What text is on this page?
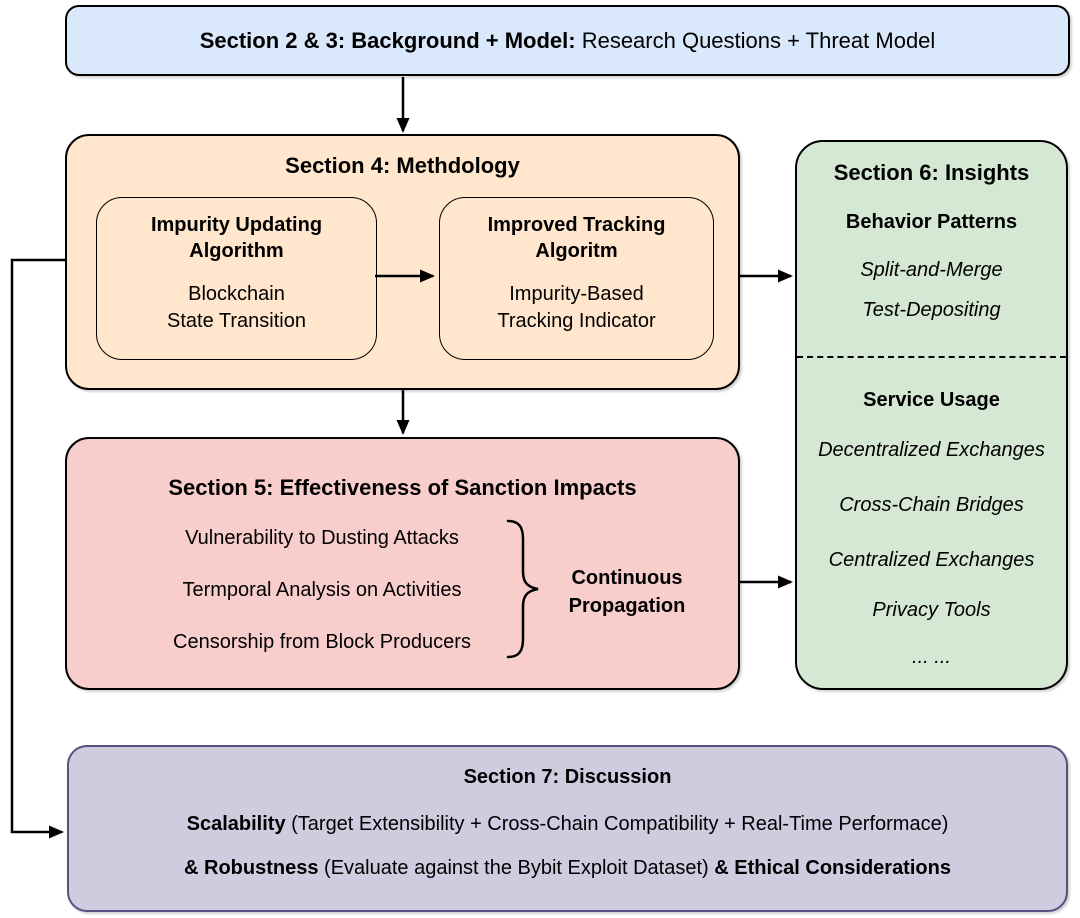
Section 2 & 3: Background + Model: Research Questions + Threat Model
Section 4: Methdology
Impurity Updating
Algorithm
Blockchain
State Transition
Improved Tracking
Algoritm
Impurity-Based
Tracking Indicator
Section 5: Effectiveness of Sanction Impacts
Vulnerability to Dusting Attacks
Termporal Analysis on Activities
Censorship from Block Producers
Continuous
Propagation
Section 6: Insights
Behavior Patterns
Split-and-Merge
Test-Depositing
Service Usage
Decentralized Exchanges
Cross-Chain Bridges
Centralized Exchanges
Privacy Tools
... ...
Section 7: Discussion
Scalability (Target Extensibility + Cross-Chain Compatibility + Real-Time Performace)
& Robustness (Evaluate against the Bybit Exploit Dataset) & Ethical Considerations
